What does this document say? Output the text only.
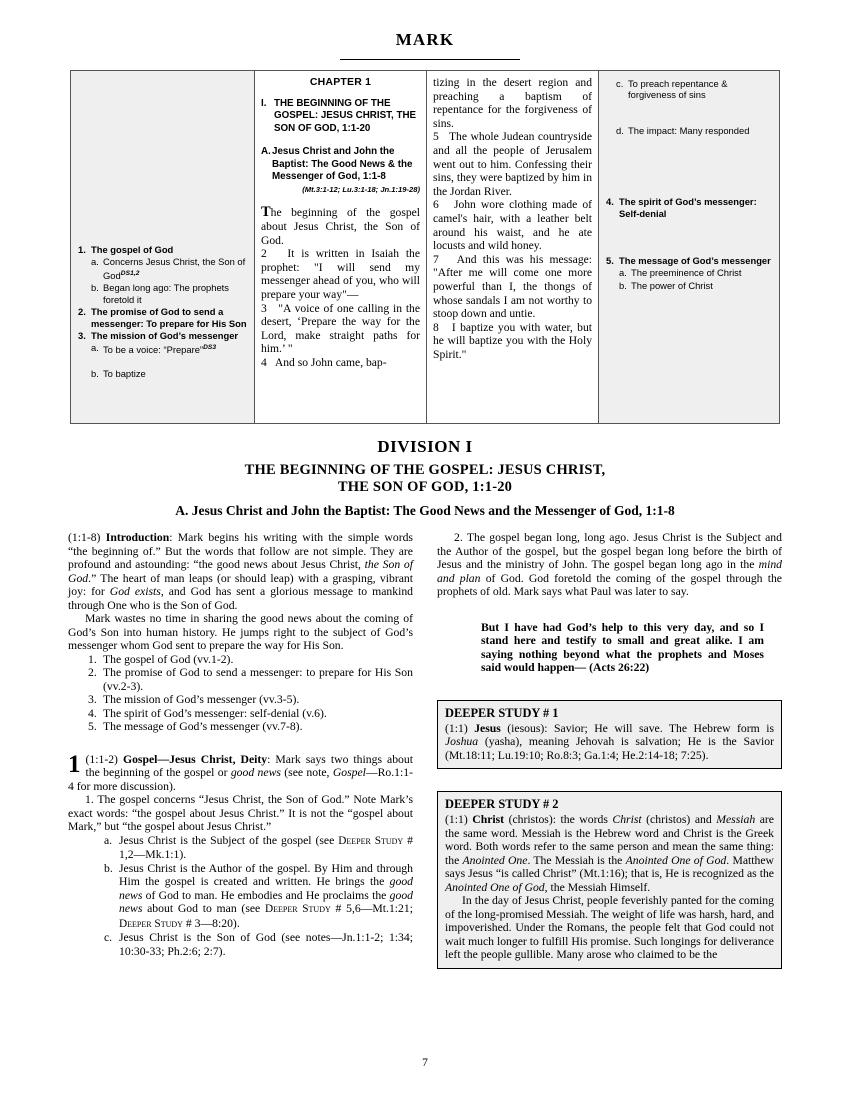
MARK
1. The gospel of God
a. Concerns Jesus Christ, the Son of God$^{DS1,2}$
b. Began long ago: The prophets foretold it
2. The promise of God to send a messenger: To prepare for His Son
3. The mission of God’s messenger
a. To be a voice: “Prepare”$^{DS3}$
b. To baptize
CHAPTER 1
I. THE BEGINNING OF THE GOSPEL: JESUS CHRIST, THE SON OF GOD, 1:1-20
A. Jesus Christ and John the Baptist: The Good News & the Messenger of God, 1:1-8
(Mt.3:1-12; Lu.3:1-18; Jn.1:19-28)

The beginning of the gospel about Jesus Christ, the Son of God.

2 It is written in Isaiah the prophet: "I will send my messenger ahead of you, who will prepare your way"—

3 "A voice of one calling in the desert, ‘Prepare the way for the Lord, make straight paths for him.’ "

4 And so John came, bap-

tizing in the desert region and preaching a baptism of repentance for the forgiveness of sins.

5 The whole Judean countryside and all the people of Jerusalem went out to him. Confessing their sins, they were baptized by him in the Jordan River.

6 John wore clothing made of camel's hair, with a leather belt around his waist, and he ate locusts and wild honey.

7 And this was his message: "After me will come one more powerful than I, the thongs of whose sandals I am not worthy to stoop down and untie.

8 I baptize you with water, but he will baptize you with the Holy Spirit."

c. To preach repentance & forgiveness of sins
d. The impact: Many responded
4. The spirit of God’s messenger: Self-denial
5. The message of God’s messenger
a. The preeminence of Christ
b. The power of Christ
DIVISION I
THE BEGINNING OF THE GOSPEL: JESUS CHRIST,
THE SON OF GOD, 1:1-20
A. Jesus Christ and John the Baptist: The Good News and the Messenger of God, 1:1-8

(1:1-8) Introduction: Mark begins his writing with the simple words “the beginning of.” But the words that follow are not simple. They are profound and astounding: “the good news about Jesus Christ, the Son of God.” The heart of man leaps (or should leap) with a grasping, vibrant joy: for God exists, and God has sent a glorious message to mankind through One who is the Son of God.

Mark wastes no time in sharing the good news about the coming of God’s Son into human history. He jumps right to the subject of God’s messenger whom God sent to prepare the way for His Son.

1. The gospel of God (vv.1-2).
2. The promise of God to send a messenger: to prepare for His Son (vv.2-3).
3. The mission of God’s messenger (vv.3-5).
4. The spirit of God’s messenger: self-denial (v.6).
5. The message of God’s messenger (vv.7-8).

1 (1:1-2) Gospel—Jesus Christ, Deity: Mark says two things about the beginning of the gospel or good news (see note, Gospel—Ro.1:1-4 for more discussion).

1. The gospel concerns “Jesus Christ, the Son of God.” Note Mark’s exact words: “the gospel about Jesus Christ.” It is not the “gospel about Mark,” but “the gospel about Jesus Christ.”

a. Jesus Christ is the Subject of the gospel (see Deeper Study # 1,2—Mk.1:1).
b. Jesus Christ is the Author of the gospel. By Him and through Him the gospel is created and written. He brings the good news of God to man. He embodies and He proclaims the good news about God to man (see Deeper Study # 5,6—Mt.1:21; Deeper Study # 3—8:20).
c. Jesus Christ is the Son of God (see notes—Jn.1:1-2; 1:34; 10:30-33; Ph.2:6; 2:7).

2. The gospel began long, long ago. Jesus Christ is the Subject and the Author of the gospel, but the gospel began long before the birth of Jesus and the ministry of John. The gospel began long ago in the mind and plan of God. God foretold the coming of the gospel through the prophets of old. Mark says what Paul was later to say.

But I have had God’s help to this very day, and so I stand here and testify to small and great alike. I am saying nothing beyond what the prophets and Moses said would happen— (Acts 26:22)
DEEPER STUDY # 1
(1:1) Jesus (iesous): Savior; He will save. The Hebrew form is Joshua (yasha), meaning Jehovah is salvation; He is the Savior (Mt.18:11; Lu.19:10; Ro.8:3; Ga.1:4; He.2:14-18; 7:25).
DEEPER STUDY # 2

(1:1) Christ (christos): the words Christ (christos) and Messiah are the same word. Messiah is the Hebrew word and Christ is the Greek word. Both words refer to the same person and mean the same thing: the Anointed One. The Messiah is the Anointed One of God. Matthew says Jesus “is called Christ” (Mt.1:16); that is, He is recognized as the Anointed One of God, the Messiah Himself.

In the day of Jesus Christ, people feverishly panted for the coming of the long-promised Messiah. The weight of life was harsh, hard, and impoverished. Under the Romans, the people felt that God could not wait much longer to fulfill His promise. Such longings for deliverance left the people gullible. Many arose who claimed to be the

7
